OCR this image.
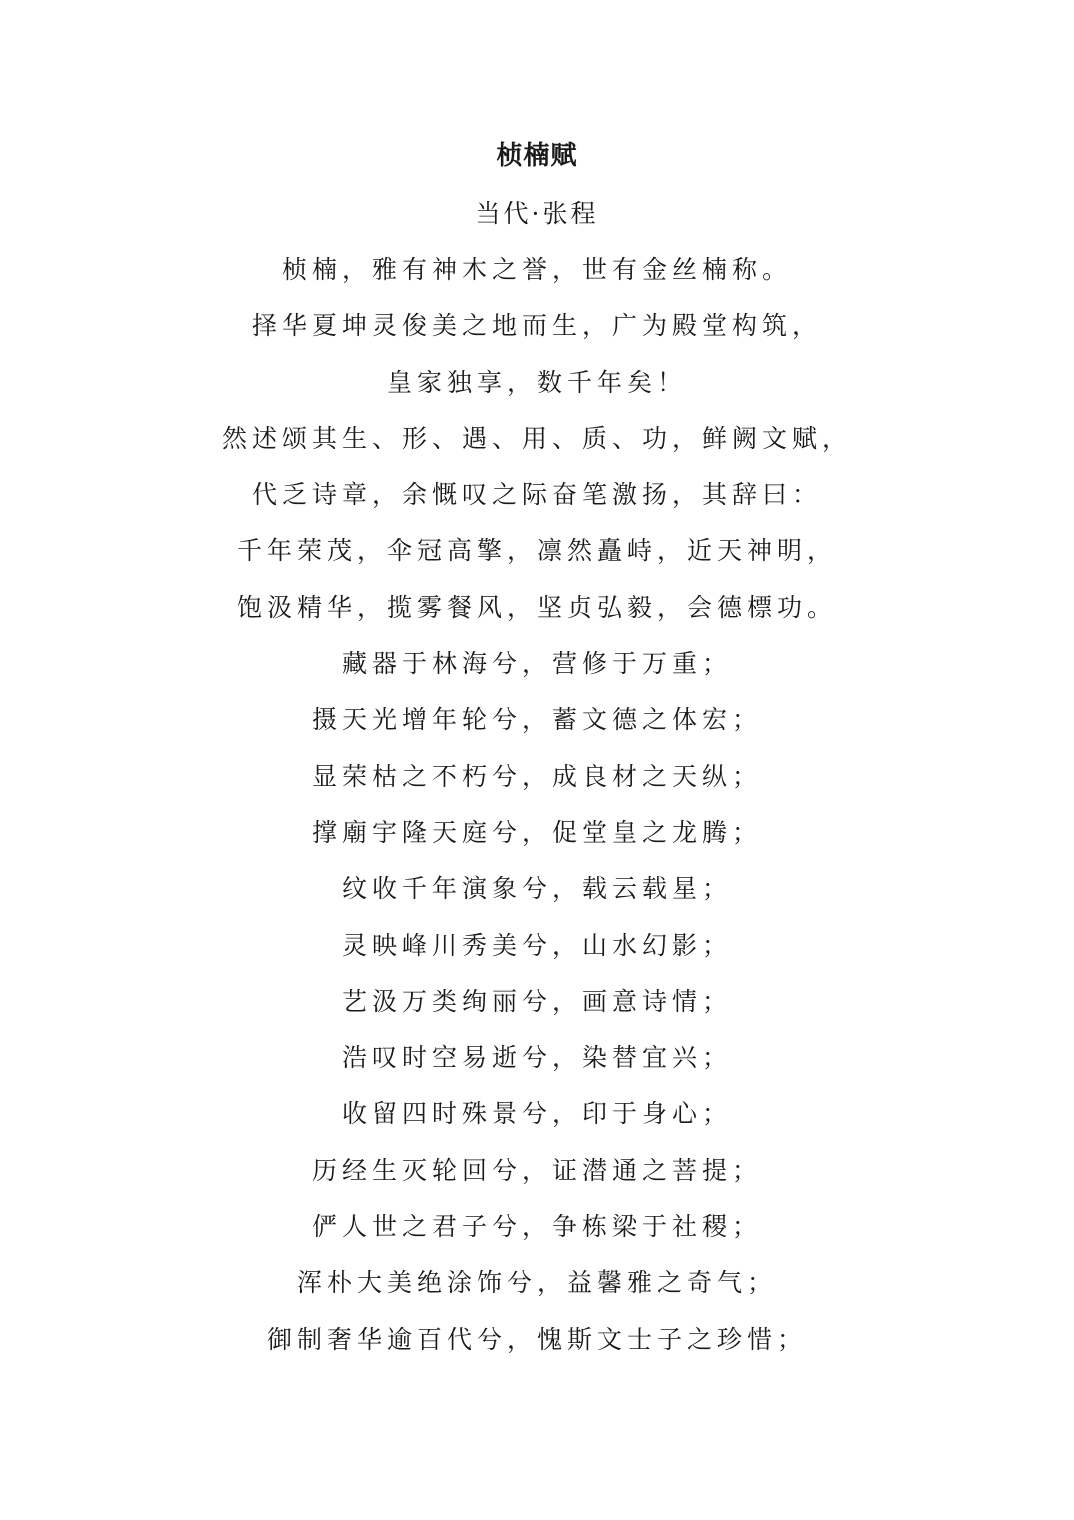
桢楠赋
当代·张程
桢楠，雅有神木之誉，世有金丝楠称。
择华夏坤灵俊美之地而生，广为殿堂构筑，
皇家独享，数千年矣！
然述颂其生、形、遇、用、质、功，鲜阙文赋，
代乏诗章，余慨叹之际奋笔激扬，其辞曰：
千年荣茂，伞冠高擎，凛然矗峙，近天神明，
饱汲精华，揽雾餐风，坚贞弘毅，会德標功。
藏器于林海兮，营修于万重；
摄天光增年轮兮，蓄文德之体宏；
显荣枯之不朽兮，成良材之天纵；
撑廟宇隆天庭兮，促堂皇之龙腾；
纹收千年演象兮，载云载星；
灵映峰川秀美兮，山水幻影；
艺汲万类绚丽兮，画意诗情；
浩叹时空易逝兮，染替宜兴；
收留四时殊景兮，印于身心；
历经生灭轮回兮，证潜通之菩提；
俨人世之君子兮，争栋梁于社稷；
浑朴大美绝涂饰兮，益馨雅之奇气；
御制奢华逾百代兮，愧斯文士子之珍惜；
